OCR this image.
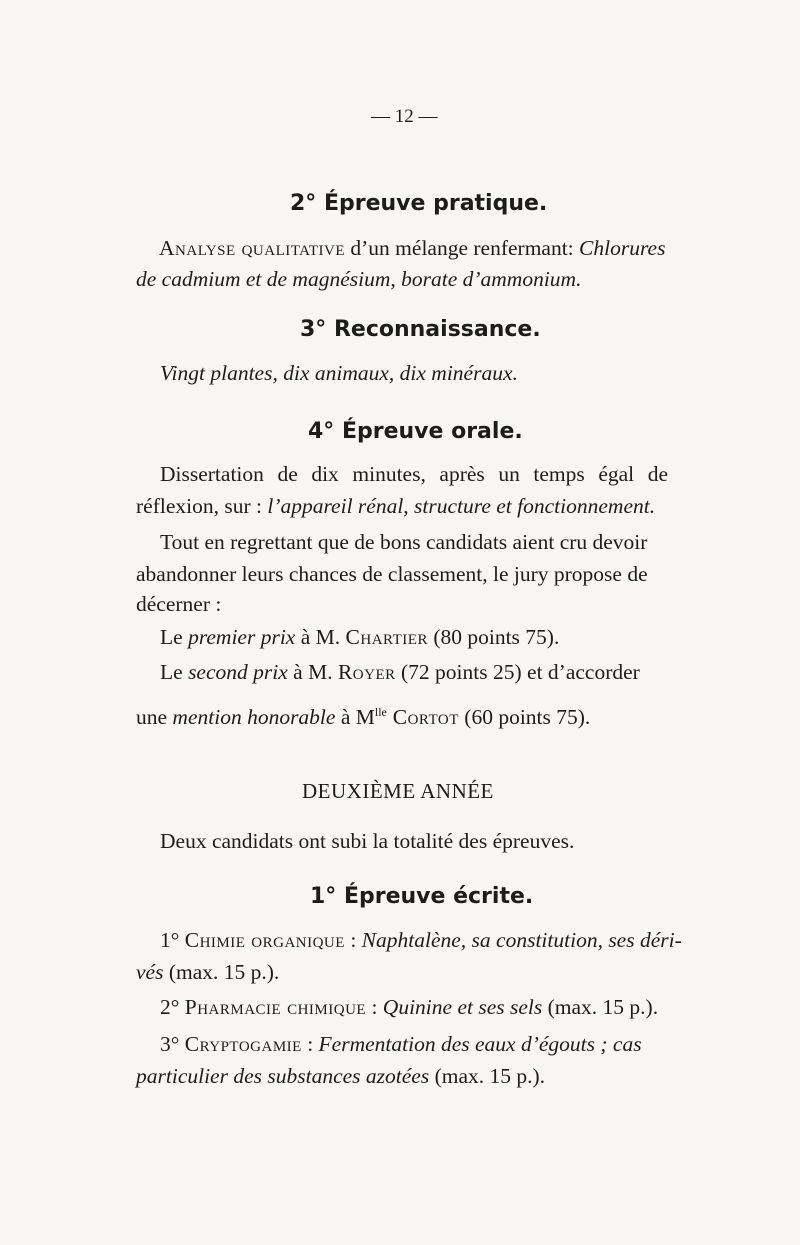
— 12 —
2° Épreuve pratique.
Analyse qualitative d’un mélange renfermant: Chlorures
de cadmium et de magnésium, borate d’ammonium.
3° Reconnaissance.
Vingt plantes, dix animaux, dix minéraux.
4° Épreuve orale.
Dissertation de dix minutes, après un temps égal de
réflexion, sur : l’appareil rénal, structure et fonctionnement.
Tout en regrettant que de bons candidats aient cru devoir
abandonner leurs chances de classement, le jury propose de
décerner :
Le premier prix à M. Chartier (80 points 75).
Le second prix à M. Royer (72 points 25) et d’accorder
une mention honorable à $M^{lle}$ Cortot (60 points 75).
DEUXIÈME ANNÉE
Deux candidats ont subi la totalité des épreuves.
1° Épreuve écrite.
1° Chimie organique : Naphtalène, sa constitution, ses déri-
vés (max. 15 p.).
2° Pharmacie chimique : Quinine et ses sels (max. 15 p.).
3° Cryptogamie : Fermentation des eaux d’égouts ; cas
particulier des substances azotées (max. 15 p.).
